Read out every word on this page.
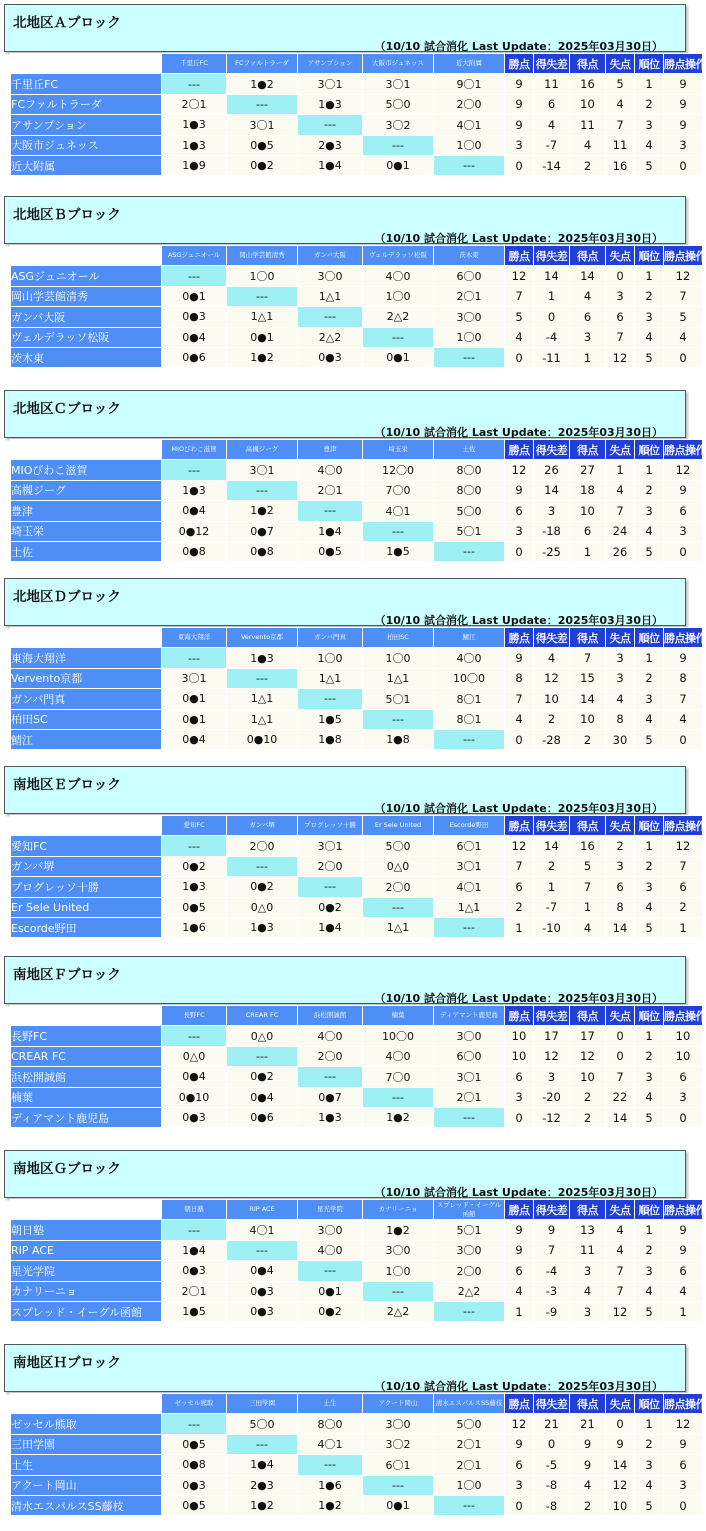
北地区Ａブロック
（10/10 試合消化 Last Update：2025年03月30日）
	千里丘FC	FCファルトラーダ	アサンプション	大阪市ジュネッス	近大附属	勝点	得失差	得点	失点	順位	勝点操作
千里丘FC	---	1●2	3〇1	3〇1	9〇1	9	11	16	5	1	9
FCファルトラーダ	2〇1	---	1●3	5〇0	2〇0	9	6	10	4	2	9
アサンプション	1●3	3〇1	---	3〇2	4〇1	9	4	11	7	3	9
大阪市ジュネッス	1●3	0●5	2●3	---	1〇0	3	-7	4	11	4	3
近大附属	1●9	0●2	1●4	0●1	---	0	-14	2	16	5	0
北地区Ｂブロック
（10/10 試合消化 Last Update：2025年03月30日）
	ASGジュニオール	岡山学芸館清秀	ガンバ大阪	ヴェルデラッソ松阪	茨木東	勝点	得失差	得点	失点	順位	勝点操作
ASGジュニオール	---	1〇0	3〇0	4〇0	6〇0	12	14	14	0	1	12
岡山学芸館清秀	0●1	---	1△1	1〇0	2〇1	7	1	4	3	2	7
ガンバ大阪	0●3	1△1	---	2△2	3〇0	5	0	6	6	3	5
ヴェルデラッソ松阪	0●4	0●1	2△2	---	1〇0	4	-4	3	7	4	4
茨木東	0●6	1●2	0●3	0●1	---	0	-11	1	12	5	0
北地区Ｃブロック
（10/10 試合消化 Last Update：2025年03月30日）
	MIOびわこ滋賀	高槻ジーグ	豊津	埼玉栄	土佐	勝点	得失差	得点	失点	順位	勝点操作
MIOびわこ滋賀	---	3〇1	4〇0	12〇0	8〇0	12	26	27	1	1	12
高槻ジーグ	1●3	---	2〇1	7〇0	8〇0	9	14	18	4	2	9
豊津	0●4	1●2	---	4〇1	5〇0	6	3	10	7	3	6
埼玉栄	0●12	0●7	1●4	---	5〇1	3	-18	6	24	4	3
土佐	0●8	0●8	0●5	1●5	---	0	-25	1	26	5	0
北地区Ｄブロック
（10/10 試合消化 Last Update：2025年03月30日）
	東海大翔洋	Vervento京都	ガンバ門真	柏田SC	鯖江	勝点	得失差	得点	失点	順位	勝点操作
東海大翔洋	---	1●3	1〇0	1〇0	4〇0	9	4	7	3	1	9
Vervento京都	3〇1	---	1△1	1△1	10〇0	8	12	15	3	2	8
ガンバ門真	0●1	1△1	---	5〇1	8〇1	7	10	14	4	3	7
柏田SC	0●1	1△1	1●5	---	8〇1	4	2	10	8	4	4
鯖江	0●4	0●10	1●8	1●8	---	0	-28	2	30	5	0
南地区Ｅブロック
（10/10 試合消化 Last Update：2025年03月30日）
	愛知FC	ガンバ堺	プログレッソ十勝	Er Sele United	Escorde野田	勝点	得失差	得点	失点	順位	勝点操作
愛知FC	---	2〇0	3〇1	5〇0	6〇1	12	14	16	2	1	12
ガンバ堺	0●2	---	2〇0	0△0	3〇1	7	2	5	3	2	7
プログレッソ十勝	1●3	0●2	---	2〇0	4〇1	6	1	7	6	3	6
Er Sele United	0●5	0△0	0●2	---	1△1	2	-7	1	8	4	2
Escorde野田	1●6	1●3	1●4	1△1	---	1	-10	4	14	5	1
南地区Ｆブロック
（10/10 試合消化 Last Update：2025年03月30日）
	長野FC	CREAR FC	浜松開誠館	楠葉	ディアマント鹿児島	勝点	得失差	得点	失点	順位	勝点操作
長野FC	---	0△0	4〇0	10〇0	3〇0	10	17	17	0	1	10
CREAR FC	0△0	---	2〇0	4〇0	6〇0	10	12	12	0	2	10
浜松開誠館	0●4	0●2	---	7〇0	3〇1	6	3	10	7	3	6
楠葉	0●10	0●4	0●7	---	2〇1	3	-20	2	22	4	3
ディアマント鹿児島	0●3	0●6	1●3	1●2	---	0	-12	2	14	5	0
南地区Ｇブロック
（10/10 試合消化 Last Update：2025年03月30日）
	朝日塾	RIP ACE	星光学院	カナリーニョ	スプレッド・イーグル函館	勝点	得失差	得点	失点	順位	勝点操作
朝日塾	---	4〇1	3〇0	1●2	5〇1	9	9	13	4	1	9
RIP ACE	1●4	---	4〇0	3〇0	3〇0	9	7	11	4	2	9
星光学院	0●3	0●4	---	1〇0	2〇0	6	-4	3	7	3	6
カナリーニョ	2〇1	0●3	0●1	---	2△2	4	-3	4	7	4	4
スプレッド・イーグル函館	1●5	0●3	0●2	2△2	---	1	-9	3	12	5	1
南地区Ｈブロック
（10/10 試合消化 Last Update：2025年03月30日）
	ゼッセル熊取	三田学園	土生	アクート岡山	清水エスパルスSS藤枝	勝点	得失差	得点	失点	順位	勝点操作
ゼッセル熊取	---	5〇0	8〇0	3〇0	5〇0	12	21	21	0	1	12
三田学園	0●5	---	4〇1	3〇2	2〇1	9	0	9	9	2	9
土生	0●8	1●4	---	6〇1	2〇1	6	-5	9	14	3	6
アクート岡山	0●3	2●3	1●6	---	1〇0	3	-8	4	12	4	3
清水エスパルスSS藤枝	0●5	1●2	1●2	0●1	---	0	-8	2	10	5	0
